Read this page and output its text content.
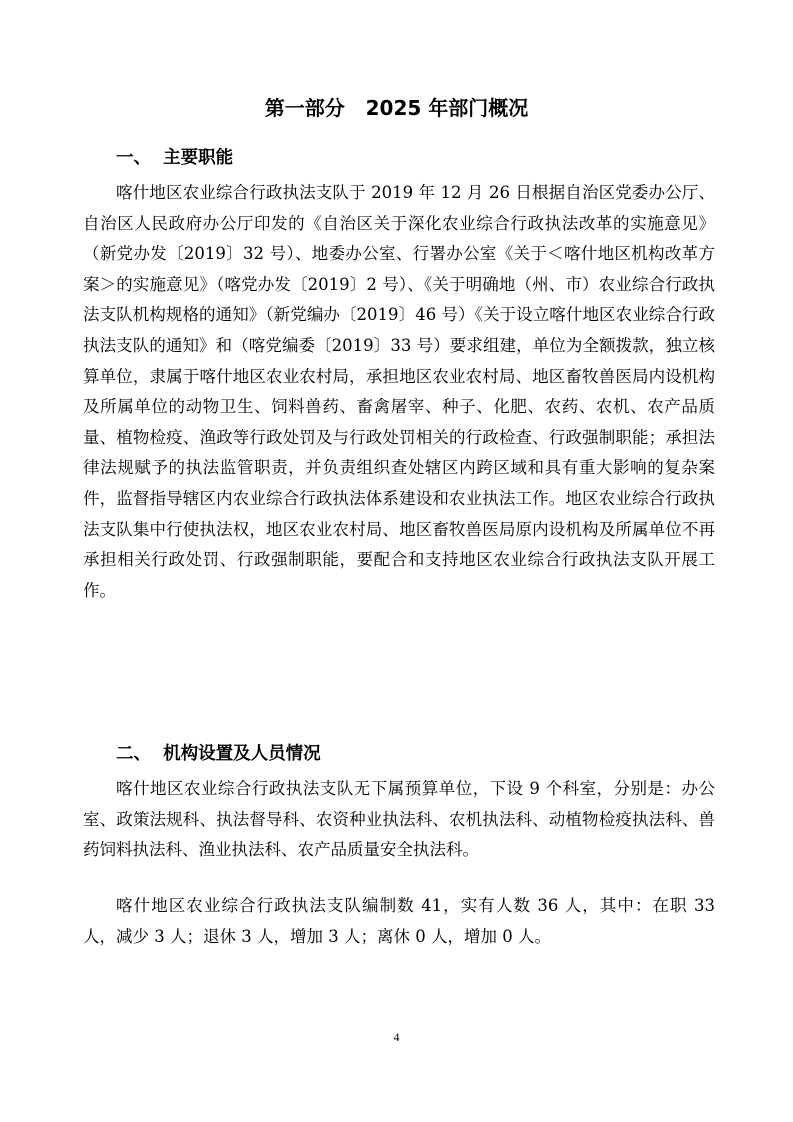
第一部分   2025 年部门概况
一、  主要职能

喀什地区农业综合行政执法支队于 2019 年 12 月 26 日根据自治区党委办公厅、自治区人民政府办公厅印发的《自治区关于深化农业综合行政执法改革的实施意见》（新党办发〔2019〕32 号）、地委办公室、行署办公室《关于＜喀什地区机构改革方案＞的实施意见》（喀党办发〔2019〕2 号）、《关于明确地（州、市）农业综合行政执法支队机构规格的通知》（新党编办〔2019〕46 号）《关于设立喀什地区农业综合行政执法支队的通知》和（喀党编委〔2019〕33 号）要求组建，单位为全额拨款，独立核算单位，隶属于喀什地区农业农村局，承担地区农业农村局、地区畜牧兽医局内设机构及所属单位的动物卫生、饲料兽药、畜禽屠宰、种子、化肥、农药、农机、农产品质量、植物检疫、渔政等行政处罚及与行政处罚相关的行政检查、行政强制职能；承担法律法规赋予的执法监管职责，并负责组织查处辖区内跨区域和具有重大影响的复杂案件，监督指导辖区内农业综合行政执法体系建设和农业执法工作。地区农业综合行政执法支队集中行使执法权，地区农业农村局、地区畜牧兽医局原内设机构及所属单位不再承担相关行政处罚、行政强制职能，要配合和支持地区农业综合行政执法支队开展工作。

二、  机构设置及人员情况

喀什地区农业综合行政执法支队无下属预算单位，下设 9 个科室，分别是：办公室、政策法规科、执法督导科、农资种业执法科、农机执法科、动植物检疫执法科、兽药饲料执法科、渔业执法科、农产品质量安全执法科。

喀什地区农业综合行政执法支队编制数 41，实有人数 36 人，其中：在职 33 人，减少 3 人；退休 3 人，增加 3 人；离休 0 人，增加 0 人。

4
